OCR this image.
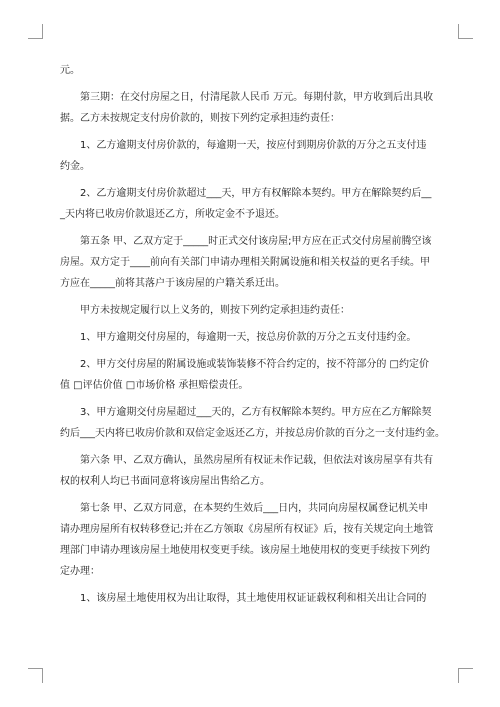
元。
第三期：在交付房屋之日，付清尾款人民币 万元。每期付款，甲方收到后出具收
据。乙方未按规定支付房价款的，则按下列约定承担违约责任：
1、乙方逾期支付房价款的，每逾期一天，按应付到期房价款的万分之五支付违
约金。
2、乙方逾期支付房价款超过___天，甲方有权解除本契约。甲方在解除契约后__
_天内将已收房价款退还乙方，所收定金不予退还。
第五条 甲、乙双方定于_____时正式交付该房屋;甲方应在正式交付房屋前腾空该
房屋。双方定于____前向有关部门申请办理相关附属设施和相关权益的更名手续。甲
方应在_____前将其落户于该房屋的户籍关系迁出。
甲方未按规定履行以上义务的，则按下列约定承担违约责任：
1、甲方逾期交付房屋的，每逾期一天，按总房价款的万分之五支付违约金。
2、甲方交付房屋的附属设施或装饰装修不符合约定的，按不符部分的 □约定价
值 □评估价值 □市场价格 承担赔偿责任。
3、甲方逾期交付房屋超过___天的，乙方有权解除本契约。甲方应在乙方解除契
约后___天内将已收房价款和双倍定金返还乙方，并按总房价款的百分之一支付违约金。
第六条 甲、乙双方确认，虽然房屋所有权证未作记载，但依法对该房屋享有共有
权的权利人均已书面同意将该房屋出售给乙方。
第七条 甲、乙双方同意，在本契约生效后___日内，共同向房屋权属登记机关申
请办理房屋所有权转移登记;并在乙方领取《房屋所有权证》后，按有关规定向土地管
理部门申请办理该房屋土地使用权变更手续。该房屋土地使用权的变更手续按下列约
定办理：
1、该房屋土地使用权为出让取得，其土地使用权证证载权利和相关出让合同的
